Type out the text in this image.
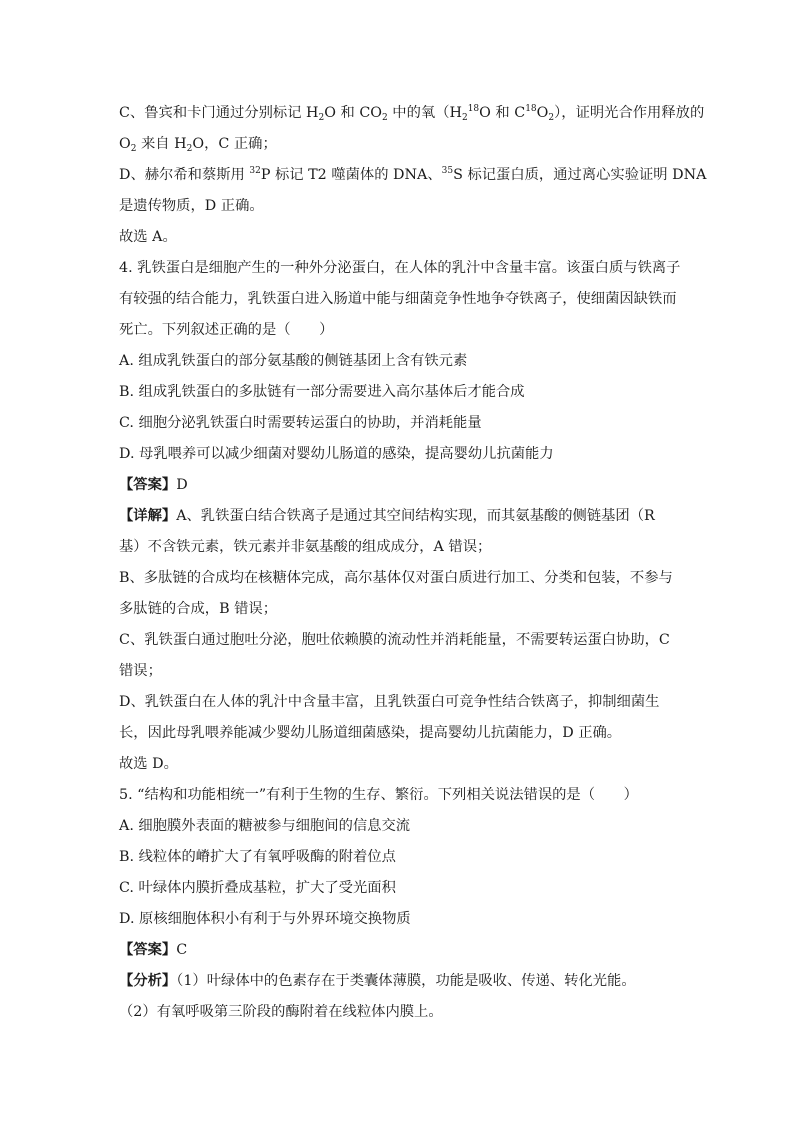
C、鲁宾和卡门通过分别标记 $H_2O$ 和 $CO_2$ 中的氧（$H_2^{18}O$ 和 $C^{18}O_2$），证明光合作用释放的
$O_2$ 来自 $H_2O$，C 正确；
D、赫尔希和蔡斯用 $^{32}$P 标记 T2 噬菌体的 DNA、$^{35}$S 标记蛋白质，通过离心实验证明 DNA
是遗传物质，D 正确。
故选 A。
4. 乳铁蛋白是细胞产生的一种外分泌蛋白，在人体的乳汁中含量丰富。该蛋白质与铁离子
有较强的结合能力，乳铁蛋白进入肠道中能与细菌竞争性地争夺铁离子，使细菌因缺铁而
死亡。下列叙述正确的是（　　）
A. 组成乳铁蛋白的部分氨基酸的侧链基团上含有铁元素
B. 组成乳铁蛋白的多肽链有一部分需要进入高尔基体后才能合成
C. 细胞分泌乳铁蛋白时需要转运蛋白的协助，并消耗能量
D. 母乳喂养可以减少细菌对婴幼儿肠道的感染，提高婴幼儿抗菌能力
【答案】D
【详解】A、乳铁蛋白结合铁离子是通过其空间结构实现，而其氨基酸的侧链基团（R
基）不含铁元素，铁元素并非氨基酸的组成成分，A 错误；
B、多肽链的合成均在核糖体完成，高尔基体仅对蛋白质进行加工、分类和包装，不参与
多肽链的合成，B 错误；
C、乳铁蛋白通过胞吐分泌，胞吐依赖膜的流动性并消耗能量，不需要转运蛋白协助，C
错误；
D、乳铁蛋白在人体的乳汁中含量丰富，且乳铁蛋白可竞争性结合铁离子，抑制细菌生
长，因此母乳喂养能减少婴幼儿肠道细菌感染，提高婴幼儿抗菌能力，D 正确。
故选 D。
5. “结构和功能相统一”有利于生物的生存、繁衍。下列相关说法错误的是（　　）
A. 细胞膜外表面的糖被参与细胞间的信息交流
B. 线粒体的嵴扩大了有氧呼吸酶的附着位点
C. 叶绿体内膜折叠成基粒，扩大了受光面积
D. 原核细胞体积小有利于与外界环境交换物质
【答案】C
【分析】（1）叶绿体中的色素存在于类囊体薄膜，功能是吸收、传递、转化光能。
（2）有氧呼吸第三阶段的酶附着在线粒体内膜上。
